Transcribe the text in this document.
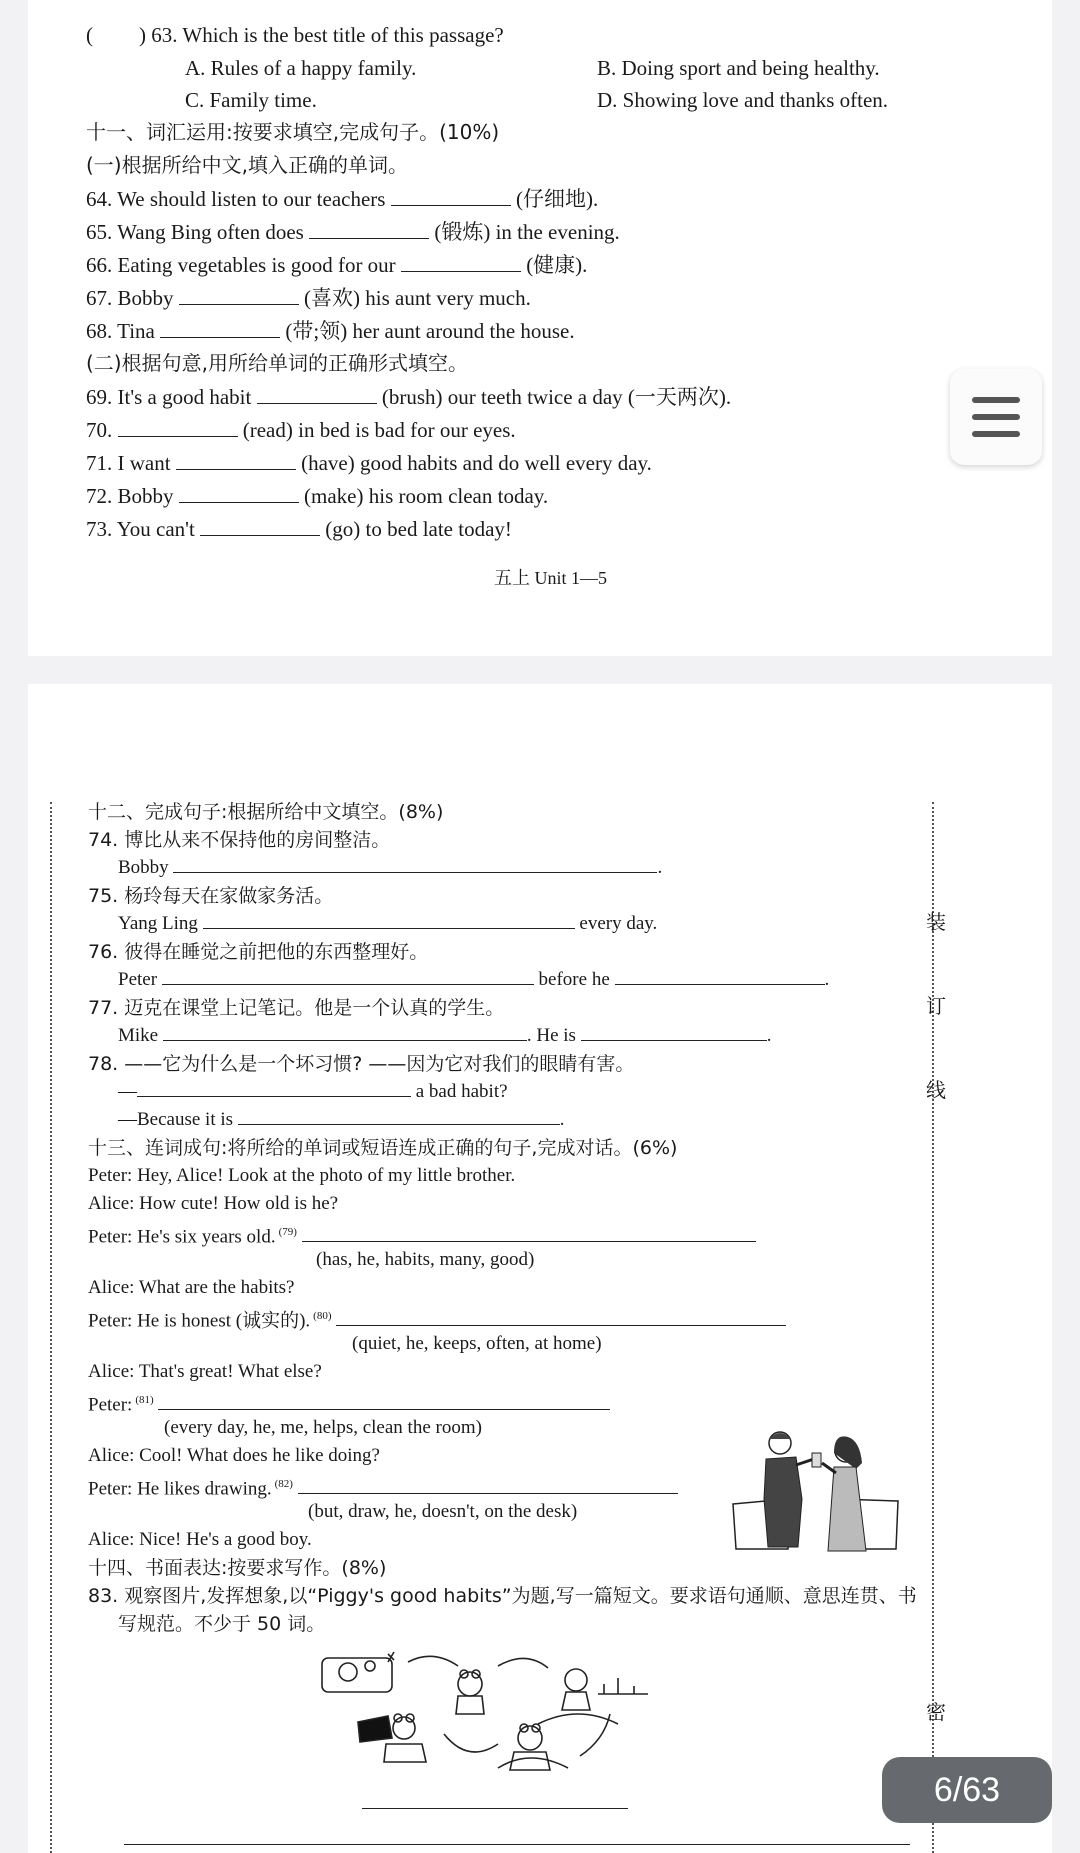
( ) 63. Which is the best title of this passage?
A. Rules of a happy family.	B. Doing sport and being healthy.
C. Family time.	D. Showing love and thanks often.
十一、词汇运用:按要求填空,完成句子。(10%)
(一)根据所给中文,填入正确的单词。
64. We should listen to our teachers	(仔细地).
65. Wang Bing often does	(锻炼) in the evening.
66. Eating vegetables is good for our	(健康).
67. Bobby	(喜欢) his aunt very much.
68. Tina	(带;领) her aunt around the house.
(二)根据句意,用所给单词的正确形式填空。
69. It's a good habit	(brush) our teeth twice a day (一天两次).
70.	(read) in bed is bad for our eyes.
71. I want	(have) good habits and do well every day.
72. Bobby	(make) his room clean today.
73. You can't	(go) to bed late today!
五上 Unit 1—5
装
订
线
密
十二、完成句子:根据所给中文填空。(8%)
74. 博比从来不保持他的房间整洁。
Bobby	.
75. 杨玲每天在家做家务活。
Yang Ling	every day.
76. 彼得在睡觉之前把他的东西整理好。
Peter	before he	.
77. 迈克在课堂上记笔记。他是一个认真的学生。
Mike	. He is	.
78. ——它为什么是一个坏习惯? ——因为它对我们的眼睛有害。
—	a bad habit?
—Because it is	.
十三、连词成句:将所给的单词或短语连成正确的句子,完成对话。(6%)
Peter: Hey, Alice! Look at the photo of my little brother.
Alice: How cute! How old is he?
Peter: He's six years old. $^{(79)}$
(has, he, habits, many, good)
Alice: What are the habits?
Peter: He is honest (诚实的). $^{(80)}$
(quiet, he, keeps, often, at home)
Alice: That's great! What else?
Peter: $^{(81)}$
(every day, he, me, helps, clean the room)
Alice: Cool! What does he like doing?
Peter: He likes drawing. $^{(82)}$
(but, draw, he, doesn't, on the desk)
Alice: Nice! He's a good boy.
十四、书面表达:按要求写作。(8%)
83. 观察图片,发挥想象,以“Piggy's good habits”为题,写一篇短文。要求语句通顺、意思连贯、书
写规范。不少于 50 词。
6/63
